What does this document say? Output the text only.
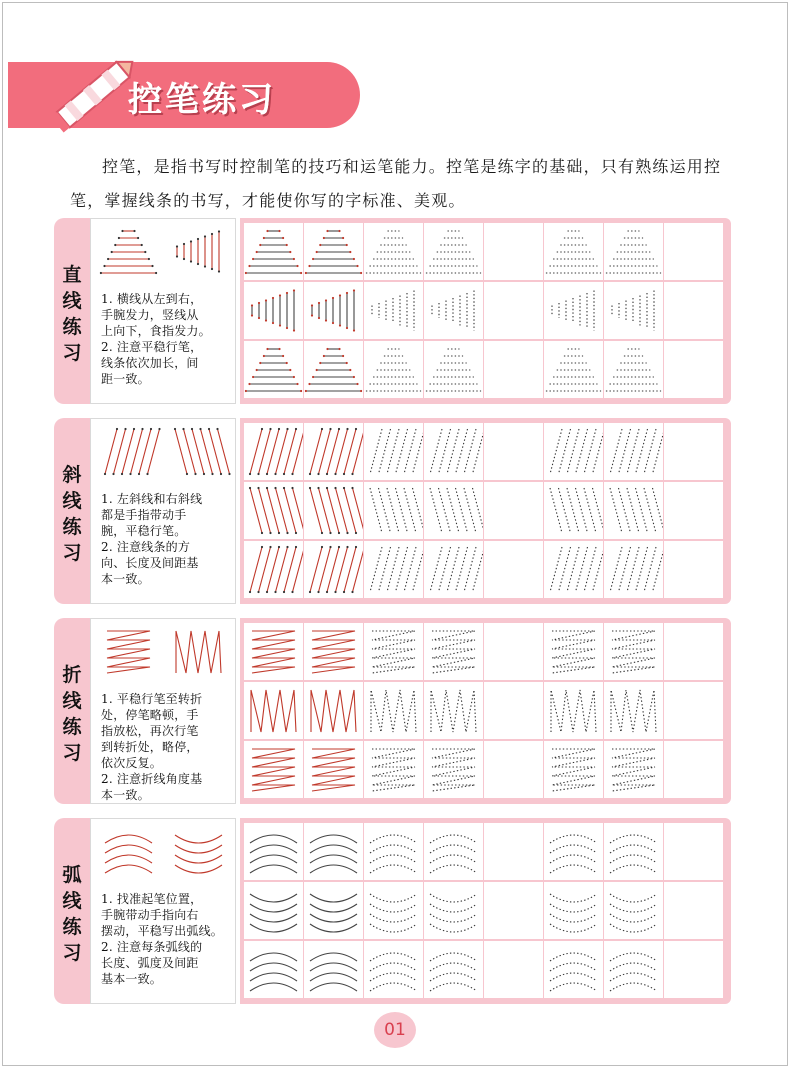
控笔练习

控笔，是指书写时控制笔的技巧和运笔能力。控笔是练字的基础，只有熟练运用控笔，掌握线条的书写，才能使你写的字标准、美观。

直
线
练
习
1. 横线从左到右，
手腕发力，竖线从
上向下，食指发力。
2. 注意平稳行笔，
线条依次加长，间
距一致。
斜
线
练
习
1. 左斜线和右斜线
都是手指带动手
腕，平稳行笔。
2. 注意线条的方
向、长度及间距基
本一致。
折
线
练
习
1. 平稳行笔至转折
处，停笔略顿，手
指放松，再次行笔
到转折处，略停，
依次反复。
2. 注意折线角度基
本一致。
弧
线
练
习
1. 找准起笔位置，
手腕带动手指向右
摆动，平稳写出弧线。
2. 注意每条弧线的
长度、弧度及间距
基本一致。
01
